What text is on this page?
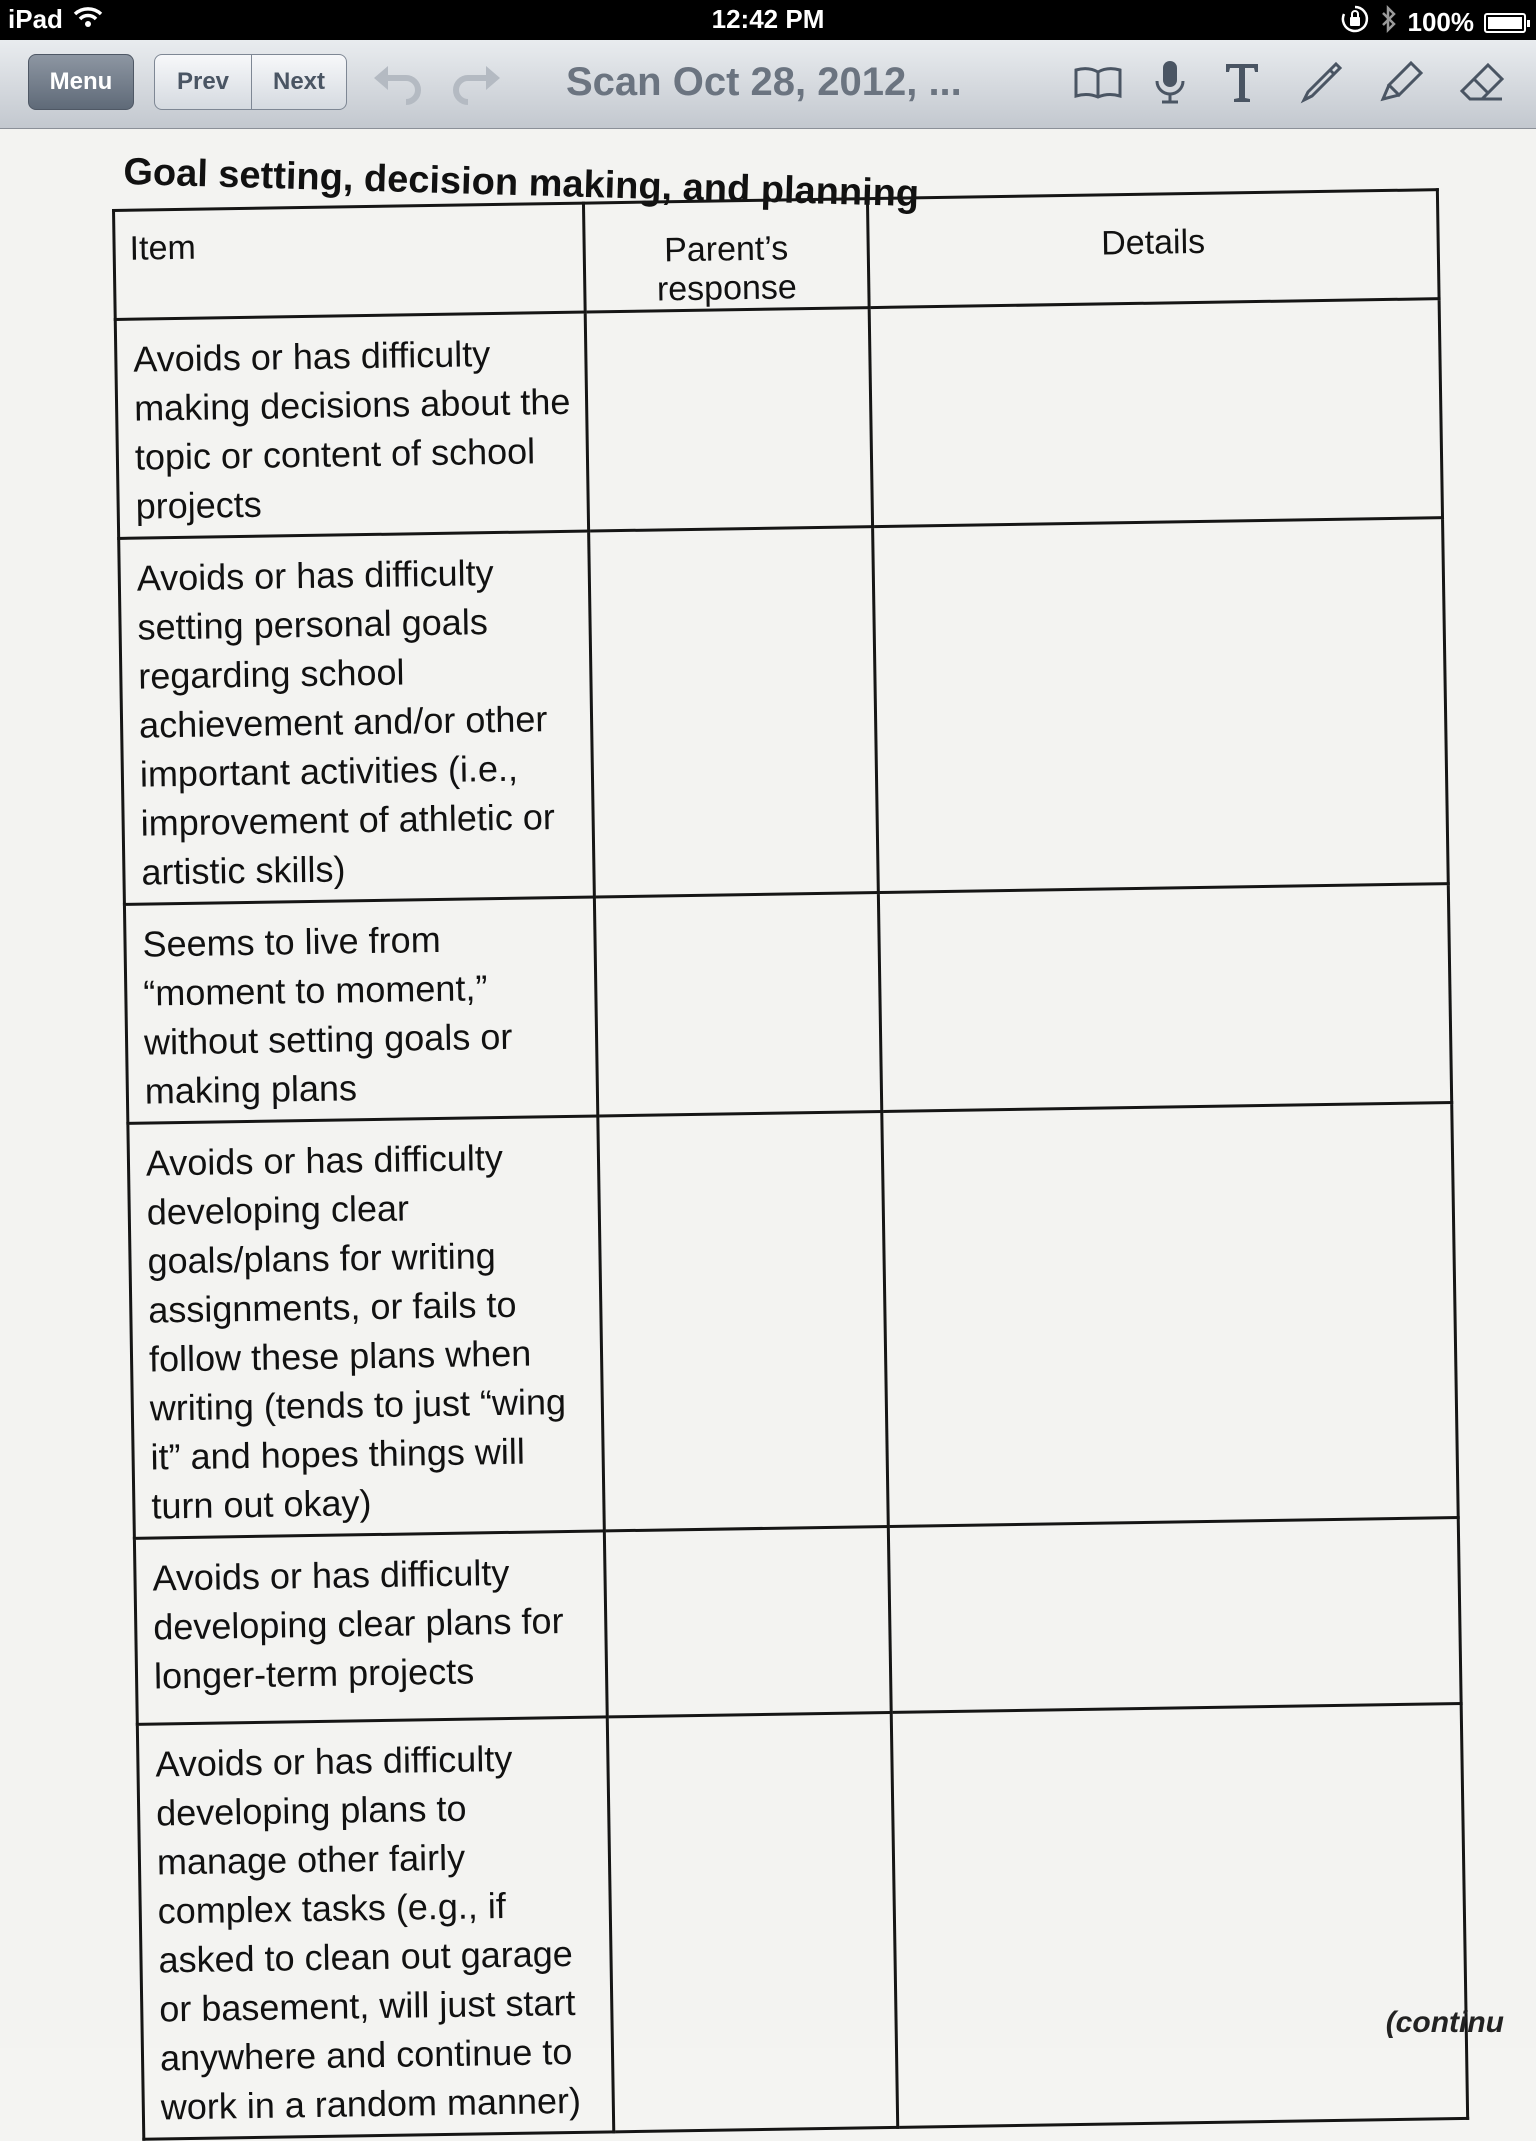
iPad	12:42 PM	100%
Menu	Prev	Next	Scan Oct 28, 2012, ...
Goal setting, decision making, and planning
Item	Parent’s response	Details

Avoids or has difficulty making decisions about the topic or content of school projects		
Avoids or has difficulty setting personal goals regarding school achievement and/or other important activities (i.e., improvement of athletic or artistic skills)		
Seems to live from “moment to moment,” without setting goals or making plans		
Avoids or has difficulty developing clear goals/plans for writing assignments, or fails to follow these plans when writing (tends to just “wing it” and hopes things will turn out okay)		
Avoids or has difficulty developing clear plans for longer-term projects		
Avoids or has difficulty developing plans to manage other fairly complex tasks (e.g., if asked to clean out garage or basement, will just start anywhere and continue to work in a random manner)		
(continu
